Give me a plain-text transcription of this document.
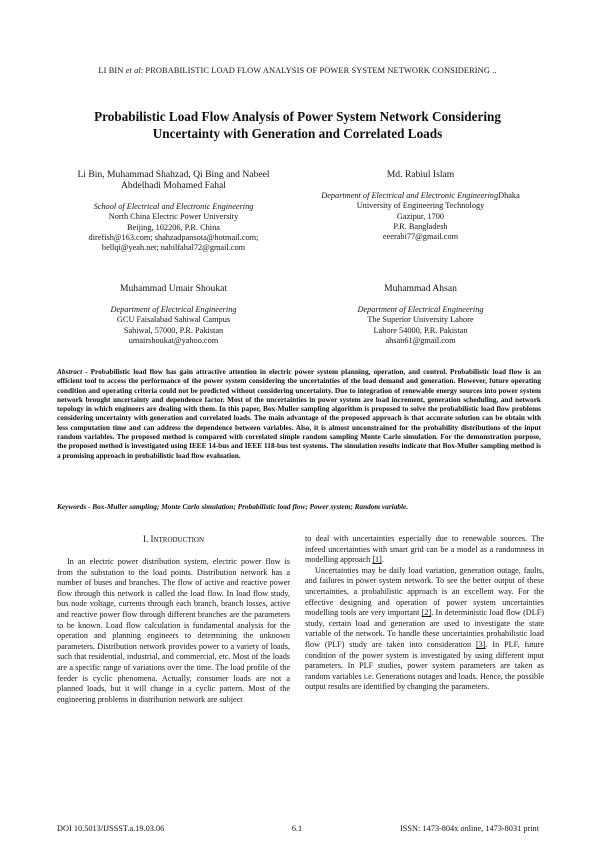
LI BIN et al: PROBABILISTIC LOAD FLOW ANALYSIS OF POWER SYSTEM NETWORK CONSIDERING ..
Probabilistic Load Flow Analysis of Power System Network Considering
Uncertainty with Generation and Correlated Loads
Li Bin, Muhammad Shahzad, Qi Bing and Nabeel
Abdelhadi Mohamed Fahal
School of Electrical and Electronic Engineering
North China Electric Power University
Beijing, 102206, P.R. China
direfish@163.com; shahzadpansota@hotmail.com;
bellqi@yeah.net; nabilfahal72@gmail.com
Md. Rabiul Islam
Department of Electrical and Electronic EngineeringDhaka
University of Engineering Technology
Gazipur, 1700
P.R. Bangladesh
eeerabi77@gmail.com
Muhammad Umair Shoukat
Department of Electrical Engineering
GCU Faisalabad Sahiwal Campus
Sahiwal, 57000, P.R. Pakistan
umairshoukat@yahoo.com
Muhammad Ahsan
Department of Electrical Engineering
The Superior University Lahore
Lahore 54000, P.R. Pakistan
ahsan61@gmail.com
Abstract - Probabilistic load flow has gain attractive attention in electric power system planning, operation, and control. Probabilistic load flow is an efficient tool to access the performance of the power system considering the uncertainties of the load demand and generation. However, future operating condition and operating criteria could not be predicted without considering uncertainty. Due to integration of renewable energy sources into power system network brought uncertainty and dependence factor. Most of the uncertainties in power system are load increment, generation scheduling, and network topology in which engineers are dealing with them. In this paper, Box-Muller sampling algorithm is proposed to solve the probabilistic load flow problems considering uncertainty with generation and correlated loads. The main advantage of the proposed approach is that accurate solution can be obtain with less computation time and can address the dependence between variables. Also, it is almost unconstrained for the probability distributions of the input random variables. The proposed method is compared with correlated simple random sampling Monte Carlo simulation. For the demonstration purpose, the proposed method is investigated using IEEE 14-bus and IEEE 118-bus test systems. The simulation results indicate that Box-Muller sampling method is a promising approach in probabilistic load flow evaluation.
Keywords - Box-Muller sampling; Monte Carlo simulation; Probabilistic load flow; Power system; Random variable.
I. INTRODUCTION

In an electric power distribution system, electric power flow is from the substation to the load points. Distribution network has a number of buses and branches. The flow of active and reactive power flow through this network is called the load flow. In load flow study, bus node voltage, currents through each branch, branch losses, active and reactive power flow through different branches are the parameters to be known. Load flow calculation is fundamental analysis for the operation and planning engineers to determining the unknown parameters. Distribution network provides power to a variety of loads, such that residential, industrial, and commercial, etc. Most of the loads are a specific range of variations over the time. The load profile of the feeder is cyclic phenomena. Actually, consumer loads are not a planned loads, but it will change in a cyclic pattern. Most of the engineering problems in distribution network are subject

to deal with uncertainties especially due to renewable sources. The infeed uncertainties with smart grid can be a model as a randomness in modelling approach [1].

Uncertainties may be daily load variation, generation outage, faults, and failures in power system network. To see the better output of these uncertainties, a probabilistic approach is an excellent way. For the effective designing and operation of power system uncertainties modelling tools are very important [2]. In deterministic load flow (DLF) study, certain load and generation are used to investigate the state variable of the network. To handle these uncertainties probabilistic load flow (PLF) study are taken into consideration [3]. In PLF, future condition of the power system is investigated by using different input parameters. In PLF studies, power system parameters are taken as random variables i.e. Generations outages and loads. Hence, the possible output results are identified by changing the parameters.

DOI 10.5013/IJSSST.a.19.03.06	6.1	ISSN: 1473-804x online, 1473-8031 print
